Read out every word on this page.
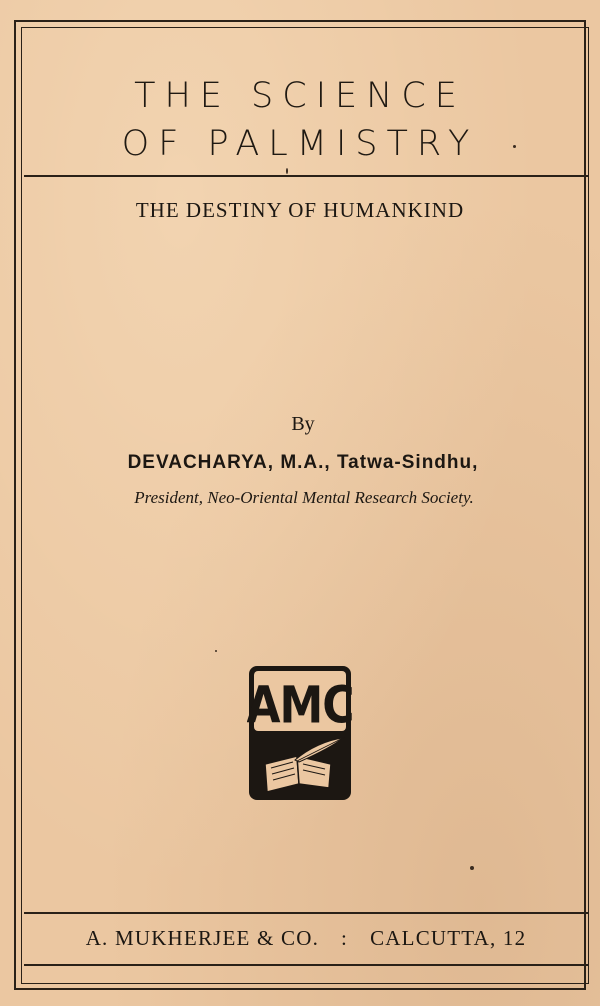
THE SCIENCE
OF PALMISTRY
THE DESTINY OF HUMANKIND
By
DEVACHARYA, M.A., Tatwa-Sindhu,
President, Neo-Oriental Mental Research Society.
AMC
A. MUKHERJEE & CO. : CALCUTTA, 12
